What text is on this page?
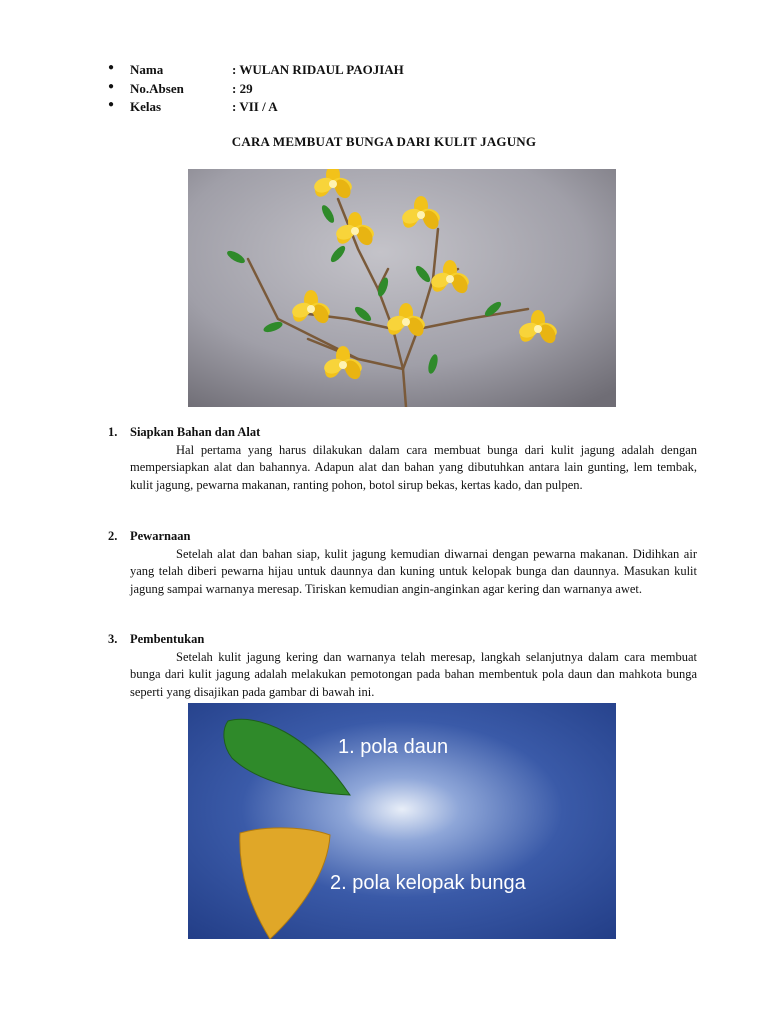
● Nama	: WULAN RIDAUL PAOJIAH
● No.Absen	: 29
● Kelas	: VII / A
CARA MEMBUAT BUNGA DARI KULIT JAGUNG
1. Siapkan Bahan dan Alat
Hal pertama yang harus dilakukan dalam cara membuat bunga dari kulit jagung adalah dengan mempersiapkan alat dan bahannya. Adapun alat dan bahan yang dibutuhkan antara lain gunting, lem tembak, kulit jagung, pewarna makanan, ranting pohon, botol sirup bekas, kertas kado, dan pulpen.
2. Pewarnaan
Setelah alat dan bahan siap, kulit jagung kemudian diwarnai dengan pewarna makanan. Didihkan air yang telah diberi pewarna hijau untuk daunnya dan kuning untuk kelopak bunga dan daunnya. Masukan kulit jagung sampai warnanya meresap. Tiriskan kemudian angin-anginkan agar kering dan warnanya awet.
3. Pembentukan
Setelah kulit jagung kering dan warnanya telah meresap, langkah selanjutnya dalam cara membuat bunga dari kulit jagung adalah melakukan pemotongan pada bahan membentuk pola daun dan mahkota bunga seperti yang disajikan pada gambar di bawah ini.
1. pola daun
2. pola kelopak bunga
